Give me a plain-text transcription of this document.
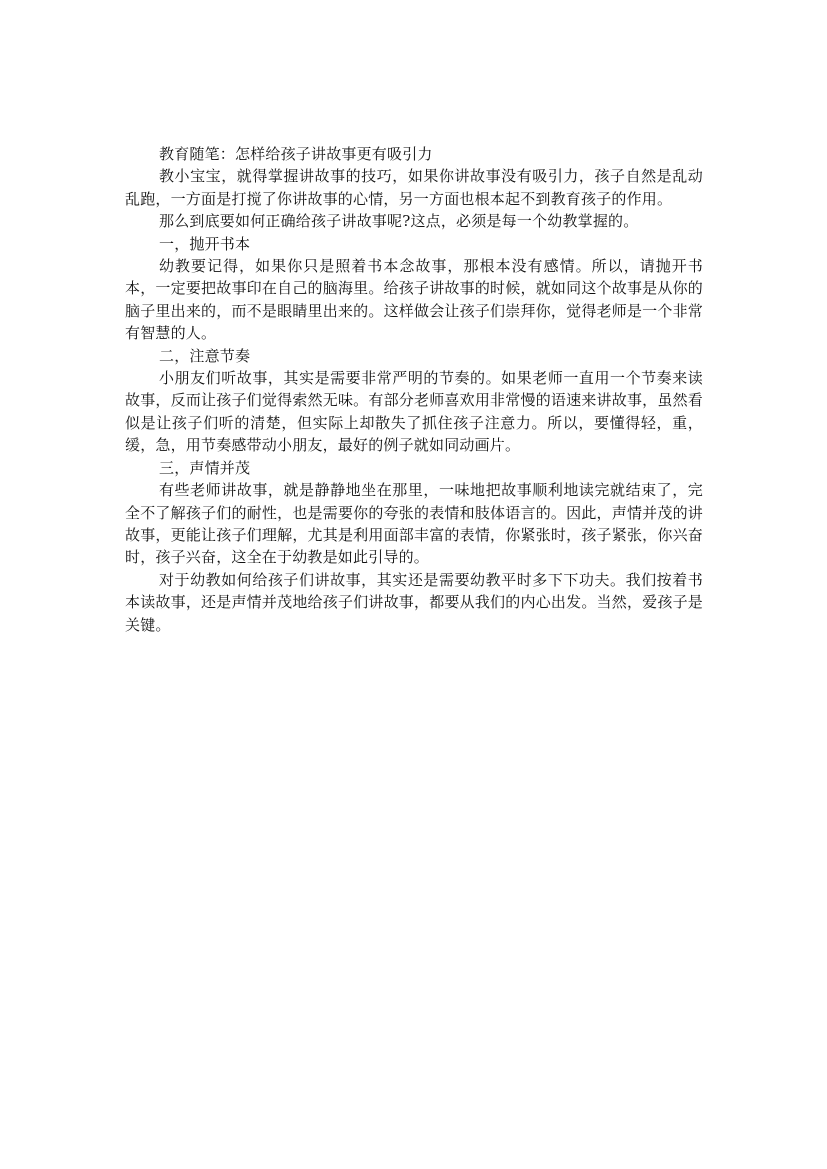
教育随笔：怎样给孩子讲故事更有吸引力

教小宝宝，就得掌握讲故事的技巧，如果你讲故事没有吸引力，孩子自然是乱动乱跑，一方面是打搅了你讲故事的心情，另一方面也根本起不到教育孩子的作用。

那么到底要如何正确给孩子讲故事呢?这点，必须是每一个幼教掌握的。

一，抛开书本

幼教要记得，如果你只是照着书本念故事，那根本没有感情。所以，请抛开书本，一定要把故事印在自己的脑海里。给孩子讲故事的时候，就如同这个故事是从你的脑子里出来的，而不是眼睛里出来的。这样做会让孩子们崇拜你，觉得老师是一个非常有智慧的人。

二，注意节奏

小朋友们听故事，其实是需要非常严明的节奏的。如果老师一直用一个节奏来读故事，反而让孩子们觉得索然无味。有部分老师喜欢用非常慢的语速来讲故事，虽然看似是让孩子们听的清楚，但实际上却散失了抓住孩子注意力。所以，要懂得轻，重，缓，急，用节奏感带动小朋友，最好的例子就如同动画片。

三，声情并茂

有些老师讲故事，就是静静地坐在那里，一味地把故事顺利地读完就结束了，完全不了解孩子们的耐性，也是需要你的夸张的表情和肢体语言的。因此，声情并茂的讲故事，更能让孩子们理解，尤其是利用面部丰富的表情，你紧张时，孩子紧张，你兴奋时，孩子兴奋，这全在于幼教是如此引导的。

对于幼教如何给孩子们讲故事，其实还是需要幼教平时多下下功夫。我们按着书本读故事，还是声情并茂地给孩子们讲故事，都要从我们的内心出发。当然，爱孩子是关键。
